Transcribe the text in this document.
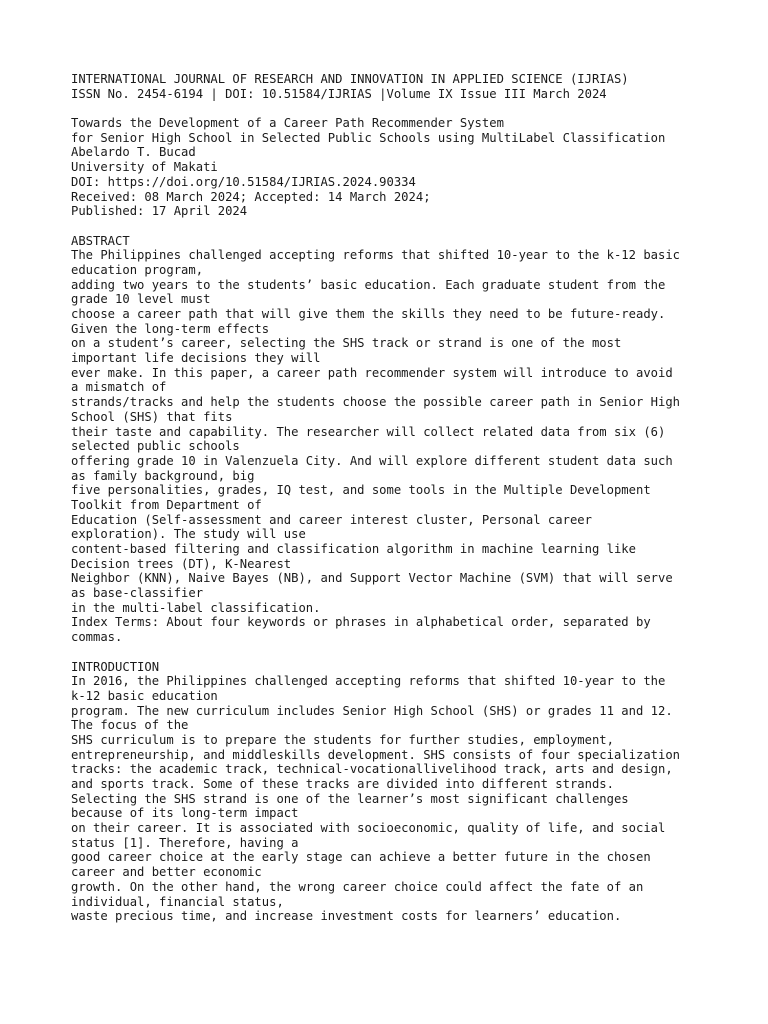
INTERNATIONAL JOURNAL OF RESEARCH AND INNOVATION IN APPLIED SCIENCE (IJRIAS)
ISSN No. 2454-6194 | DOI: 10.51584/IJRIAS |Volume IX Issue III March 2024
Towards the Development of a Career Path Recommender System
for Senior High School in Selected Public Schools using MultiLabel Classification
Abelardo T. Bucad
University of Makati
DOI: https://doi.org/10.51584/IJRIAS.2024.90334
Received: 08 March 2024; Accepted: 14 March 2024;
Published: 17 April 2024
ABSTRACT
The Philippines challenged accepting reforms that shifted 10-year to the k-12 basic
education program,
adding two years to the students’ basic education. Each graduate student from the
grade 10 level must
choose a career path that will give them the skills they need to be future-ready.
Given the long-term effects
on a student’s career, selecting the SHS track or strand is one of the most
important life decisions they will
ever make. In this paper, a career path recommender system will introduce to avoid
a mismatch of
strands/tracks and help the students choose the possible career path in Senior High
School (SHS) that fits
their taste and capability. The researcher will collect related data from six (6)
selected public schools
offering grade 10 in Valenzuela City. And will explore different student data such
as family background, big
five personalities, grades, IQ test, and some tools in the Multiple Development
Toolkit from Department of
Education (Self-assessment and career interest cluster, Personal career
exploration). The study will use
content-based filtering and classification algorithm in machine learning like
Decision trees (DT), K-Nearest
Neighbor (KNN), Naive Bayes (NB), and Support Vector Machine (SVM) that will serve
as base-classifier
in the multi-label classification.
Index Terms: About four keywords or phrases in alphabetical order, separated by
commas.
INTRODUCTION
In 2016, the Philippines challenged accepting reforms that shifted 10-year to the
k-12 basic education
program. The new curriculum includes Senior High School (SHS) or grades 11 and 12.
The focus of the
SHS curriculum is to prepare the students for further studies, employment,
entrepreneurship, and middleskills development. SHS consists of four specialization
tracks: the academic track, technical-vocationallivelihood track, arts and design,
and sports track. Some of these tracks are divided into different strands.
Selecting the SHS strand is one of the learner’s most significant challenges
because of its long-term impact
on their career. It is associated with socioeconomic, quality of life, and social
status [1]. Therefore, having a
good career choice at the early stage can achieve a better future in the chosen
career and better economic
growth. On the other hand, the wrong career choice could affect the fate of an
individual, financial status,
waste precious time, and increase investment costs for learners’ education.
